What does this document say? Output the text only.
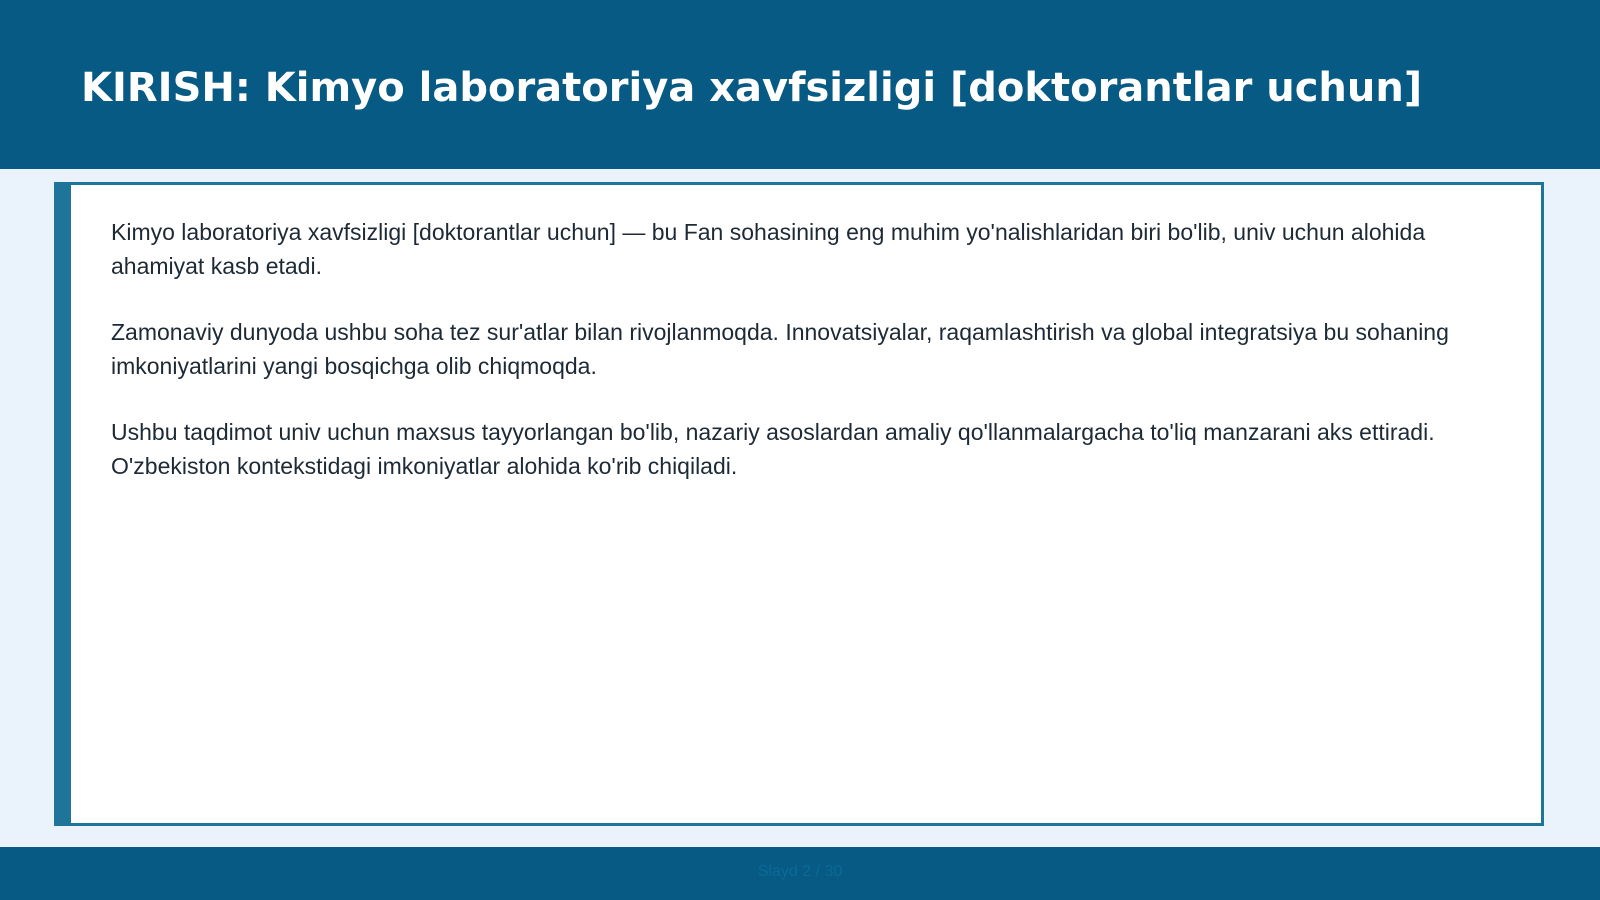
KIRISH: Kimyo laboratoriya xavfsizligi [doktorantlar uchun]

Kimyo laboratoriya xavfsizligi [doktorantlar uchun] — bu Fan sohasining eng muhim yo'nalishlaridan biri bo'lib, univ uchun alohida ahamiyat kasb etadi.

Zamonaviy dunyoda ushbu soha tez sur'atlar bilan rivojlanmoqda. Innovatsiyalar, raqamlashtirish va global integratsiya bu sohaning imkoniyatlarini yangi bosqichga olib chiqmoqda.

Ushbu taqdimot univ uchun maxsus tayyorlangan bo'lib, nazariy asoslardan amaliy qo'llanmalargacha to'liq manzarani aks ettiradi. O'zbekiston kontekstidagi imkoniyatlar alohida ko'rib chiqiladi.

Slayd 2 / 30
